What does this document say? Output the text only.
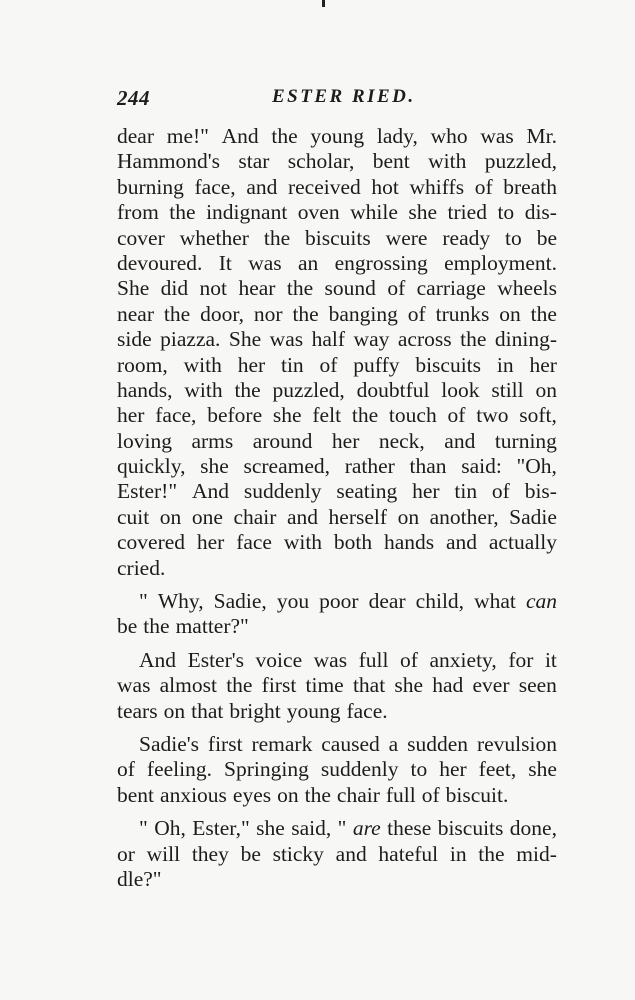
244	ESTER RIED.
dear me!" And the young lady, who was Mr.
Hammond's star scholar, bent with puzzled,
burning face, and received hot whiffs of breath
from the indignant oven while she tried to dis-
cover whether the biscuits were ready to be
devoured. It was an engrossing employment.
She did not hear the sound of carriage wheels
near the door, nor the banging of trunks on the
side piazza. She was half way across the dining-
room, with her tin of puffy biscuits in her
hands, with the puzzled, doubtful look still on
her face, before she felt the touch of two soft,
loving arms around her neck, and turning
quickly, she screamed, rather than said: "Oh,
Ester!" And suddenly seating her tin of bis-
cuit on one chair and herself on another, Sadie
covered her face with both hands and actually
cried.
" Why, Sadie, you poor dear child, what can
be the matter?"
And Ester's voice was full of anxiety, for it
was almost the first time that she had ever seen
tears on that bright young face.
Sadie's first remark caused a sudden revulsion
of feeling. Springing suddenly to her feet, she
bent anxious eyes on the chair full of biscuit.
" Oh, Ester," she said, " are these biscuits done,
or will they be sticky and hateful in the mid-
dle?"
